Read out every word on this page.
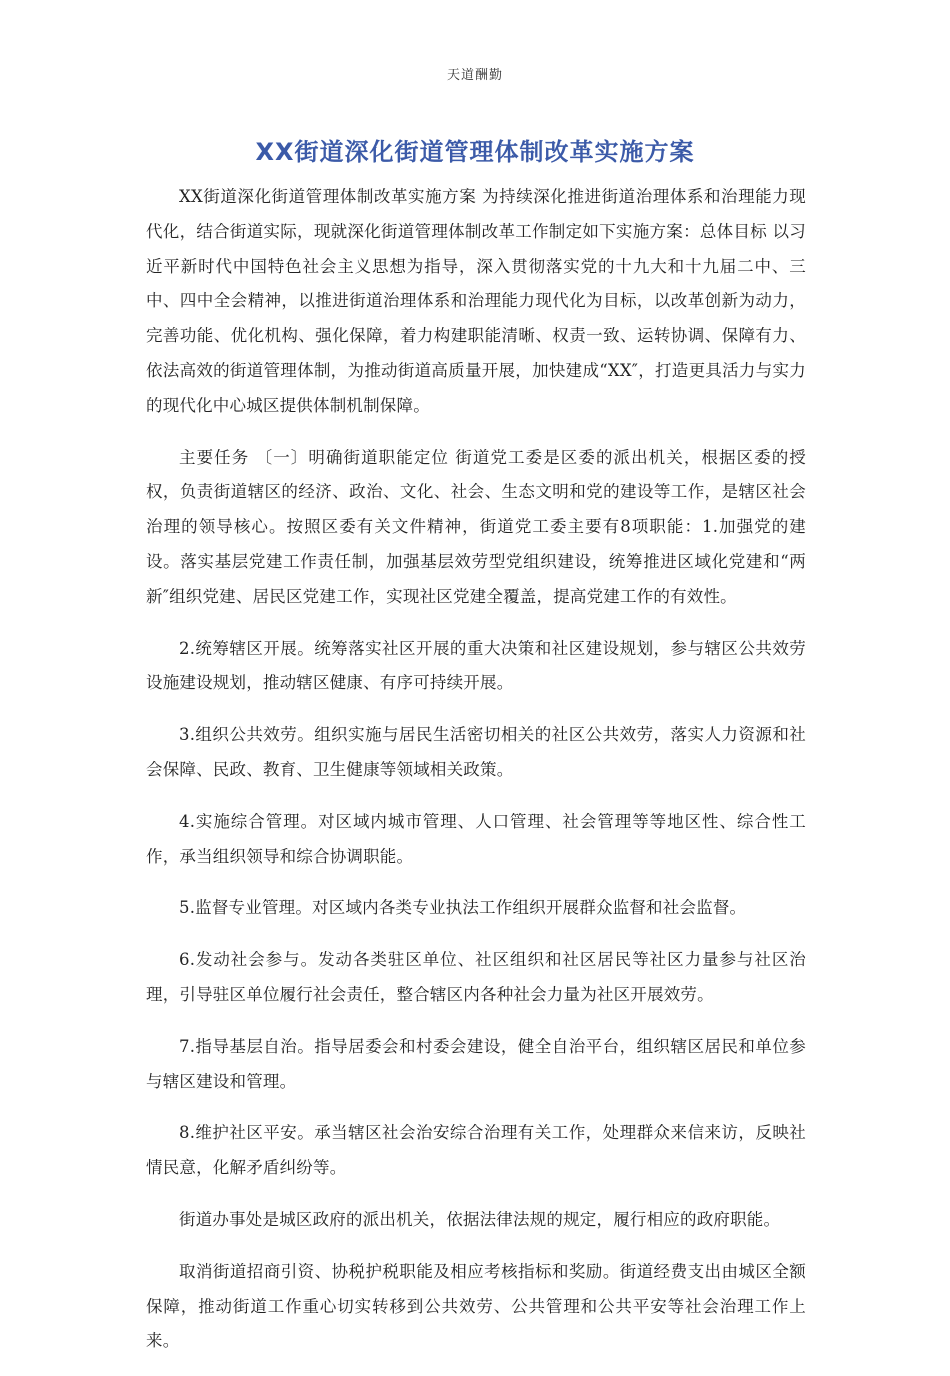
天道酬勤
XX街道深化街道管理体制改革实施方案

XX街道深化街道管理体制改革实施方案 为持续深化推进街道治理体系和治理能力现代化，结合街道实际，现就深化街道管理体制改革工作制定如下实施方案：总体目标 以习近平新时代中国特色社会主义思想为指导，深入贯彻落实党的十九大和十九届二中、三中、四中全会精神，以推进街道治理体系和治理能力现代化为目标，以改革创新为动力，完善功能、优化机构、强化保障，着力构建职能清晰、权责一致、运转协调、保障有力、依法高效的街道管理体制，为推动街道高质量开展，加快建成“XX″，打造更具活力与实力的现代化中心城区提供体制机制保障。

主要任务 〔一〕明确街道职能定位 街道党工委是区委的派出机关，根据区委的授权，负责街道辖区的经济、政治、文化、社会、生态文明和党的建设等工作，是辖区社会治理的领导核心。按照区委有关文件精神，街道党工委主要有8项职能：1.加强党的建设。落实基层党建工作责任制，加强基层效劳型党组织建设，统筹推进区域化党建和“两新″组织党建、居民区党建工作，实现社区党建全覆盖，提高党建工作的有效性。

2.统筹辖区开展。统筹落实社区开展的重大决策和社区建设规划，参与辖区公共效劳设施建设规划，推动辖区健康、有序可持续开展。

3.组织公共效劳。组织实施与居民生活密切相关的社区公共效劳，落实人力资源和社会保障、民政、教育、卫生健康等领域相关政策。

4.实施综合管理。对区域内城市管理、人口管理、社会管理等等地区性、综合性工作，承当组织领导和综合协调职能。

5.监督专业管理。对区域内各类专业执法工作组织开展群众监督和社会监督。

6.发动社会参与。发动各类驻区单位、社区组织和社区居民等社区力量参与社区治理，引导驻区单位履行社会责任，整合辖区内各种社会力量为社区开展效劳。

7.指导基层自治。指导居委会和村委会建设，健全自治平台，组织辖区居民和单位参与辖区建设和管理。

8.维护社区平安。承当辖区社会治安综合治理有关工作，处理群众来信来访，反映社情民意，化解矛盾纠纷等。

街道办事处是城区政府的派出机关，依据法律法规的规定，履行相应的政府职能。

取消街道招商引资、协税护税职能及相应考核指标和奖励。街道经费支出由城区全额保障，推动街道工作重心切实转移到公共效劳、公共管理和公共平安等社会治理工作上来。
